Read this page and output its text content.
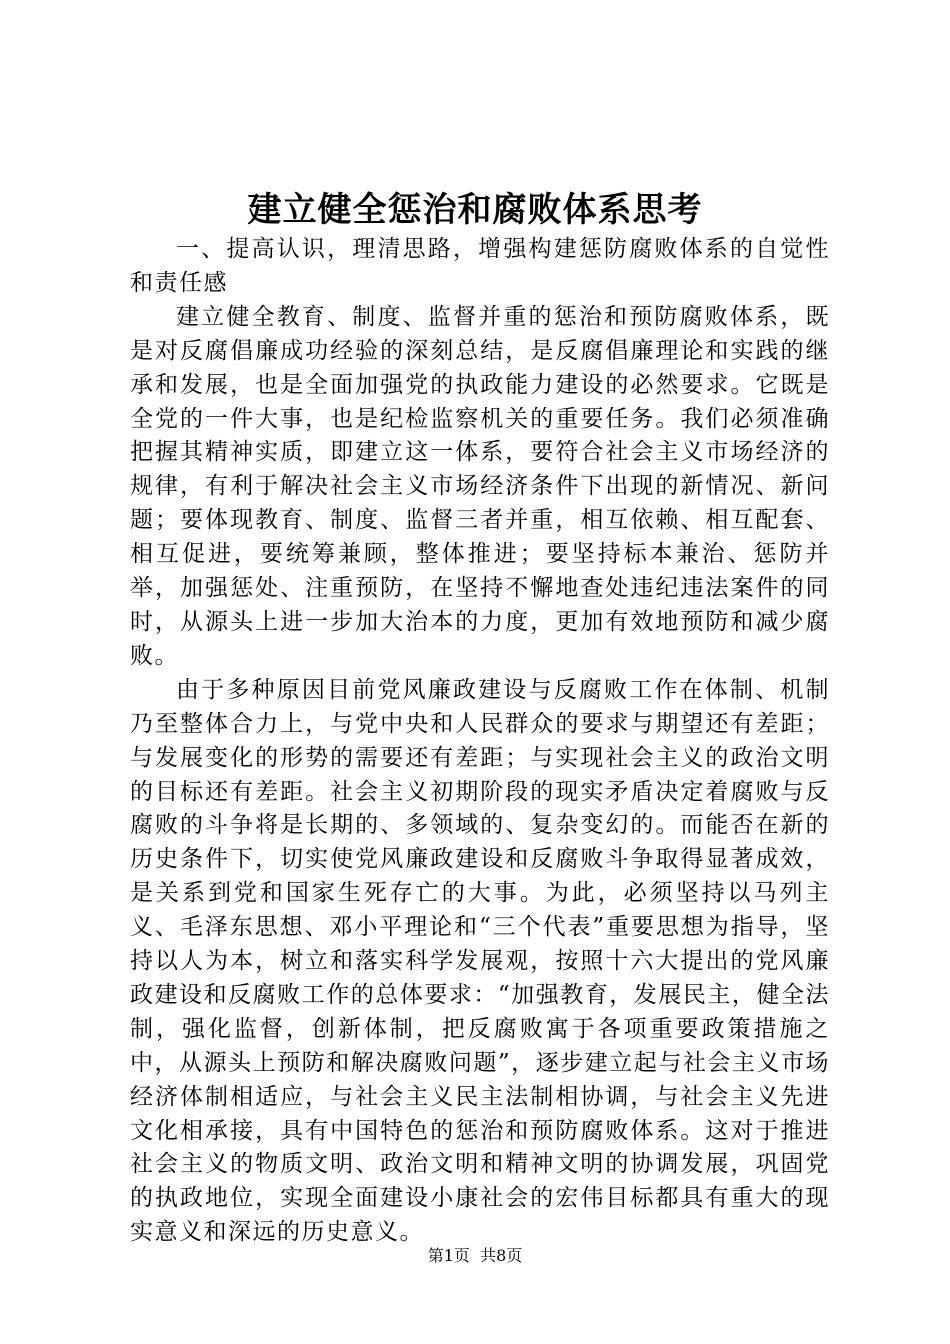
建立健全惩治和腐败体系思考

一、提高认识，理清思路，增强构建惩防腐败体系的自觉性和责任感

建立健全教育、制度、监督并重的惩治和预防腐败体系，既是对反腐倡廉成功经验的深刻总结，是反腐倡廉理论和实践的继承和发展，也是全面加强党的执政能力建设的必然要求。它既是全党的一件大事，也是纪检监察机关的重要任务。我们必须准确把握其精神实质，即建立这一体系，要符合社会主义市场经济的规律，有利于解决社会主义市场经济条件下出现的新情况、新问题；要体现教育、制度、监督三者并重，相互依赖、相互配套、相互促进，要统筹兼顾，整体推进；要坚持标本兼治、惩防并举，加强惩处、注重预防，在坚持不懈地查处违纪违法案件的同时，从源头上进一步加大治本的力度，更加有效地预防和减少腐败。

由于多种原因目前党风廉政建设与反腐败工作在体制、机制乃至整体合力上，与党中央和人民群众的要求与期望还有差距；与发展变化的形势的需要还有差距；与实现社会主义的政治文明的目标还有差距。社会主义初期阶段的现实矛盾决定着腐败与反腐败的斗争将是长期的、多领域的、复杂变幻的。而能否在新的历史条件下，切实使党风廉政建设和反腐败斗争取得显著成效，是关系到党和国家生死存亡的大事。为此，必须坚持以马列主义、毛泽东思想、邓小平理论和“三个代表”重要思想为指导，坚持以人为本，树立和落实科学发展观，按照十六大提出的党风廉政建设和反腐败工作的总体要求：“加强教育，发展民主，健全法制，强化监督，创新体制，把反腐败寓于各项重要政策措施之中，从源头上预防和解决腐败问题”，逐步建立起与社会主义市场经济体制相适应，与社会主义民主法制相协调，与社会主义先进文化相承接，具有中国特色的惩治和预防腐败体系。这对于推进社会主义的物质文明、政治文明和精神文明的协调发展，巩固党的执政地位，实现全面建设小康社会的宏伟目标都具有重大的现实意义和深远的历史意义。

第1页 共8页
